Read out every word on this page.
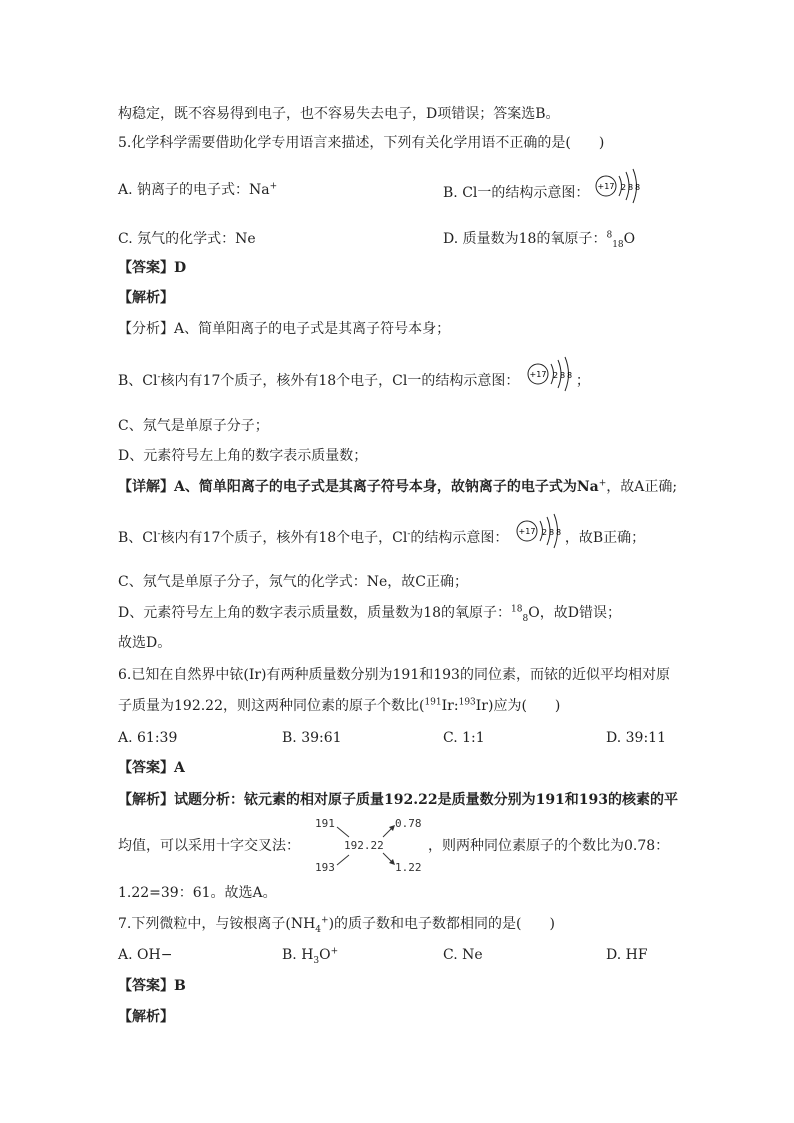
构稳定，既不容易得到电子，也不容易失去电子，D项错误；答案选B。
5.化学科学需要借助化学专用语言来描述，下列有关化学用语不正确的是(　　)
A. 钠离子的电子式：Na+	B. Cl一的结构示意图： +17 2 8 8
C. 氖气的化学式：Ne	D. 质量数为18的氧原子：$^8_{18}$O
【答案】D
【解析】
【分析】A、简单阳离子的电子式是其离子符号本身；
B、Cl-核内有17个质子，核外有18个电子，Cl一的结构示意图： +17 2 8 8 ；
C、氖气是单原子分子；
D、元素符号左上角的数字表示质量数；
【详解】A、简单阳离子的电子式是其离子符号本身，故钠离子的电子式为Na+，故A正确;
B、Cl-核内有17个质子，核外有18个电子，Cl-的结构示意图： +17 2 8 8 ，故B正确；
C、氖气是单原子分子，氖气的化学式：Ne，故C正确；
D、元素符号左上角的数字表示质量数，质量数为18的氧原子：$^{18}_8$O，故D错误；
故选D。
6.已知在自然界中铱(Ir)有两种质量数分别为191和193的同位素，而铱的近似平均相对原
子质量为192.22，则这两种同位素的原子个数比($^{191}$Ir:$^{193}$Ir)应为(　　)
A. 61:39	B. 39:61	C. 1:1	D. 39:11
【答案】A
【解析】试题分析：铱元素的相对原子质量192.22是质量数分别为191和193的核素的平
均值，可以采用十字交叉法：
191
193
192.22
0.78
1.22
，则两种同位素原子的个数比为0.78：
1.22=39：61。故选A。
7.下列微粒中，与铵根离子$(NH_4^+)$的质子数和电子数都相同的是(　　)
A. OH−	B. $H_3O^+$	C. Ne	D. HF
【答案】B
【解析】
